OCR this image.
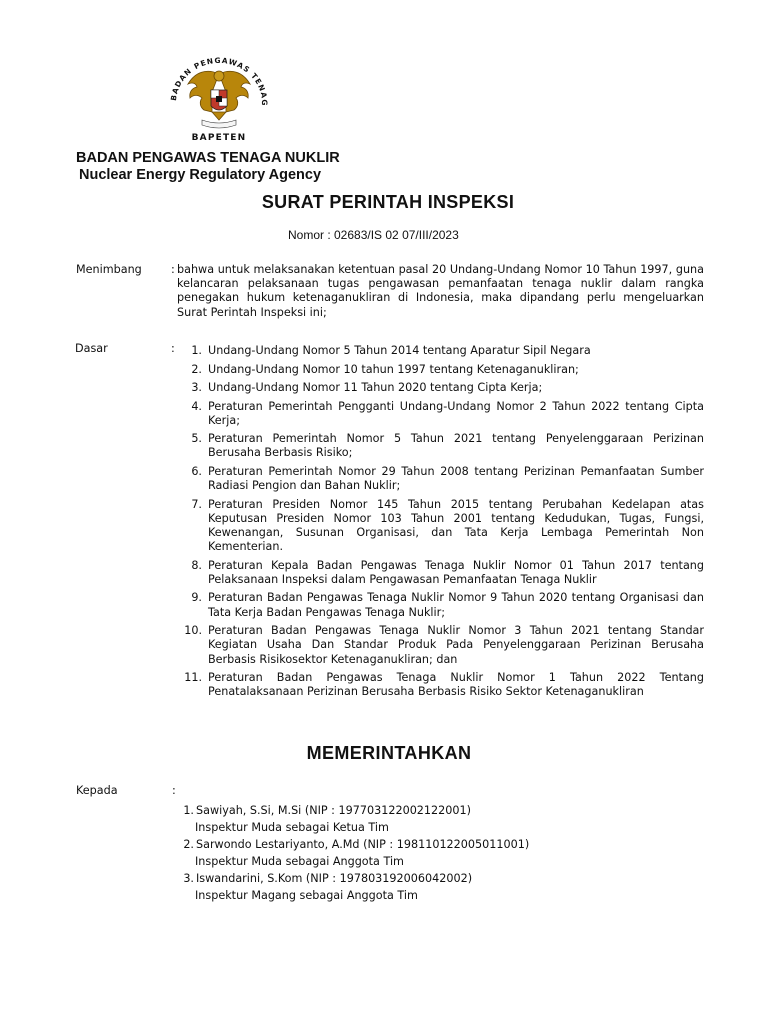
BADAN PENGAWAS TENAG
BAPETEN
BADAN PENGAWAS TENAGA NUKLIR
Nuclear Energy Regulatory Agency
SURAT PERINTAH INSPEKSI
Nomor : 02683/IS 02 07/III/2023
Menimbang	: bahwa untuk melaksanakan ketentuan pasal 20 Undang-Undang Nomor 10 Tahun 1997, guna kelancaran pelaksanaan tugas pengawasan pemanfaatan tenaga nuklir dalam rangka penegakan hukum ketenaganukliran di Indonesia, maka dipandang perlu mengeluarkan Surat Perintah Inspeksi ini;
Dasar	:	1. Undang-Undang Nomor 5 Tahun 2014 tentang Aparatur Sipil Negara
2. Undang-Undang Nomor 10 tahun 1997 tentang Ketenaganukliran;
3. Undang-Undang Nomor 11 Tahun 2020 tentang Cipta Kerja;
4. Peraturan Pemerintah Pengganti Undang-Undang Nomor 2 Tahun 2022 tentang Cipta Kerja;
5. Peraturan Pemerintah Nomor 5 Tahun 2021 tentang Penyelenggaraan Perizinan Berusaha Berbasis Risiko;
6. Peraturan Pemerintah Nomor 29 Tahun 2008 tentang Perizinan Pemanfaatan Sumber Radiasi Pengion dan Bahan Nuklir;
7. Peraturan Presiden Nomor 145 Tahun 2015 tentang Perubahan Kedelapan atas Keputusan Presiden Nomor 103 Tahun 2001 tentang Kedudukan, Tugas, Fungsi, Kewenangan, Susunan Organisasi, dan Tata Kerja Lembaga Pemerintah Non Kementerian.
8. Peraturan Kepala Badan Pengawas Tenaga Nuklir Nomor 01 Tahun 2017 tentang Pelaksanaan Inspeksi dalam Pengawasan Pemanfaatan Tenaga Nuklir
9. Peraturan Badan Pengawas Tenaga Nuklir Nomor 9 Tahun 2020 tentang Organisasi dan Tata Kerja Badan Pengawas Tenaga Nuklir;
10. Peraturan Badan Pengawas Tenaga Nuklir Nomor 3 Tahun 2021 tentang Standar Kegiatan Usaha Dan Standar Produk Pada Penyelenggaraan Perizinan Berusaha Berbasis Risikosektor Ketenaganukliran; dan
11. Peraturan Badan Pengawas Tenaga Nuklir Nomor 1 Tahun 2022 Tentang Penatalaksanaan Perizinan Berusaha Berbasis Risiko Sektor Ketenaganukliran
MEMERINTAHKAN
Kepada	:
1. Sawiyah, S.Si, M.Si (NIP : 197703122002122001)
Inspektur Muda sebagai Ketua Tim
2. Sarwondo Lestariyanto, A.Md (NIP : 198110122005011001)
Inspektur Muda sebagai Anggota Tim
3. Iswandarini, S.Kom (NIP : 197803192006042002)
Inspektur Magang sebagai Anggota Tim
